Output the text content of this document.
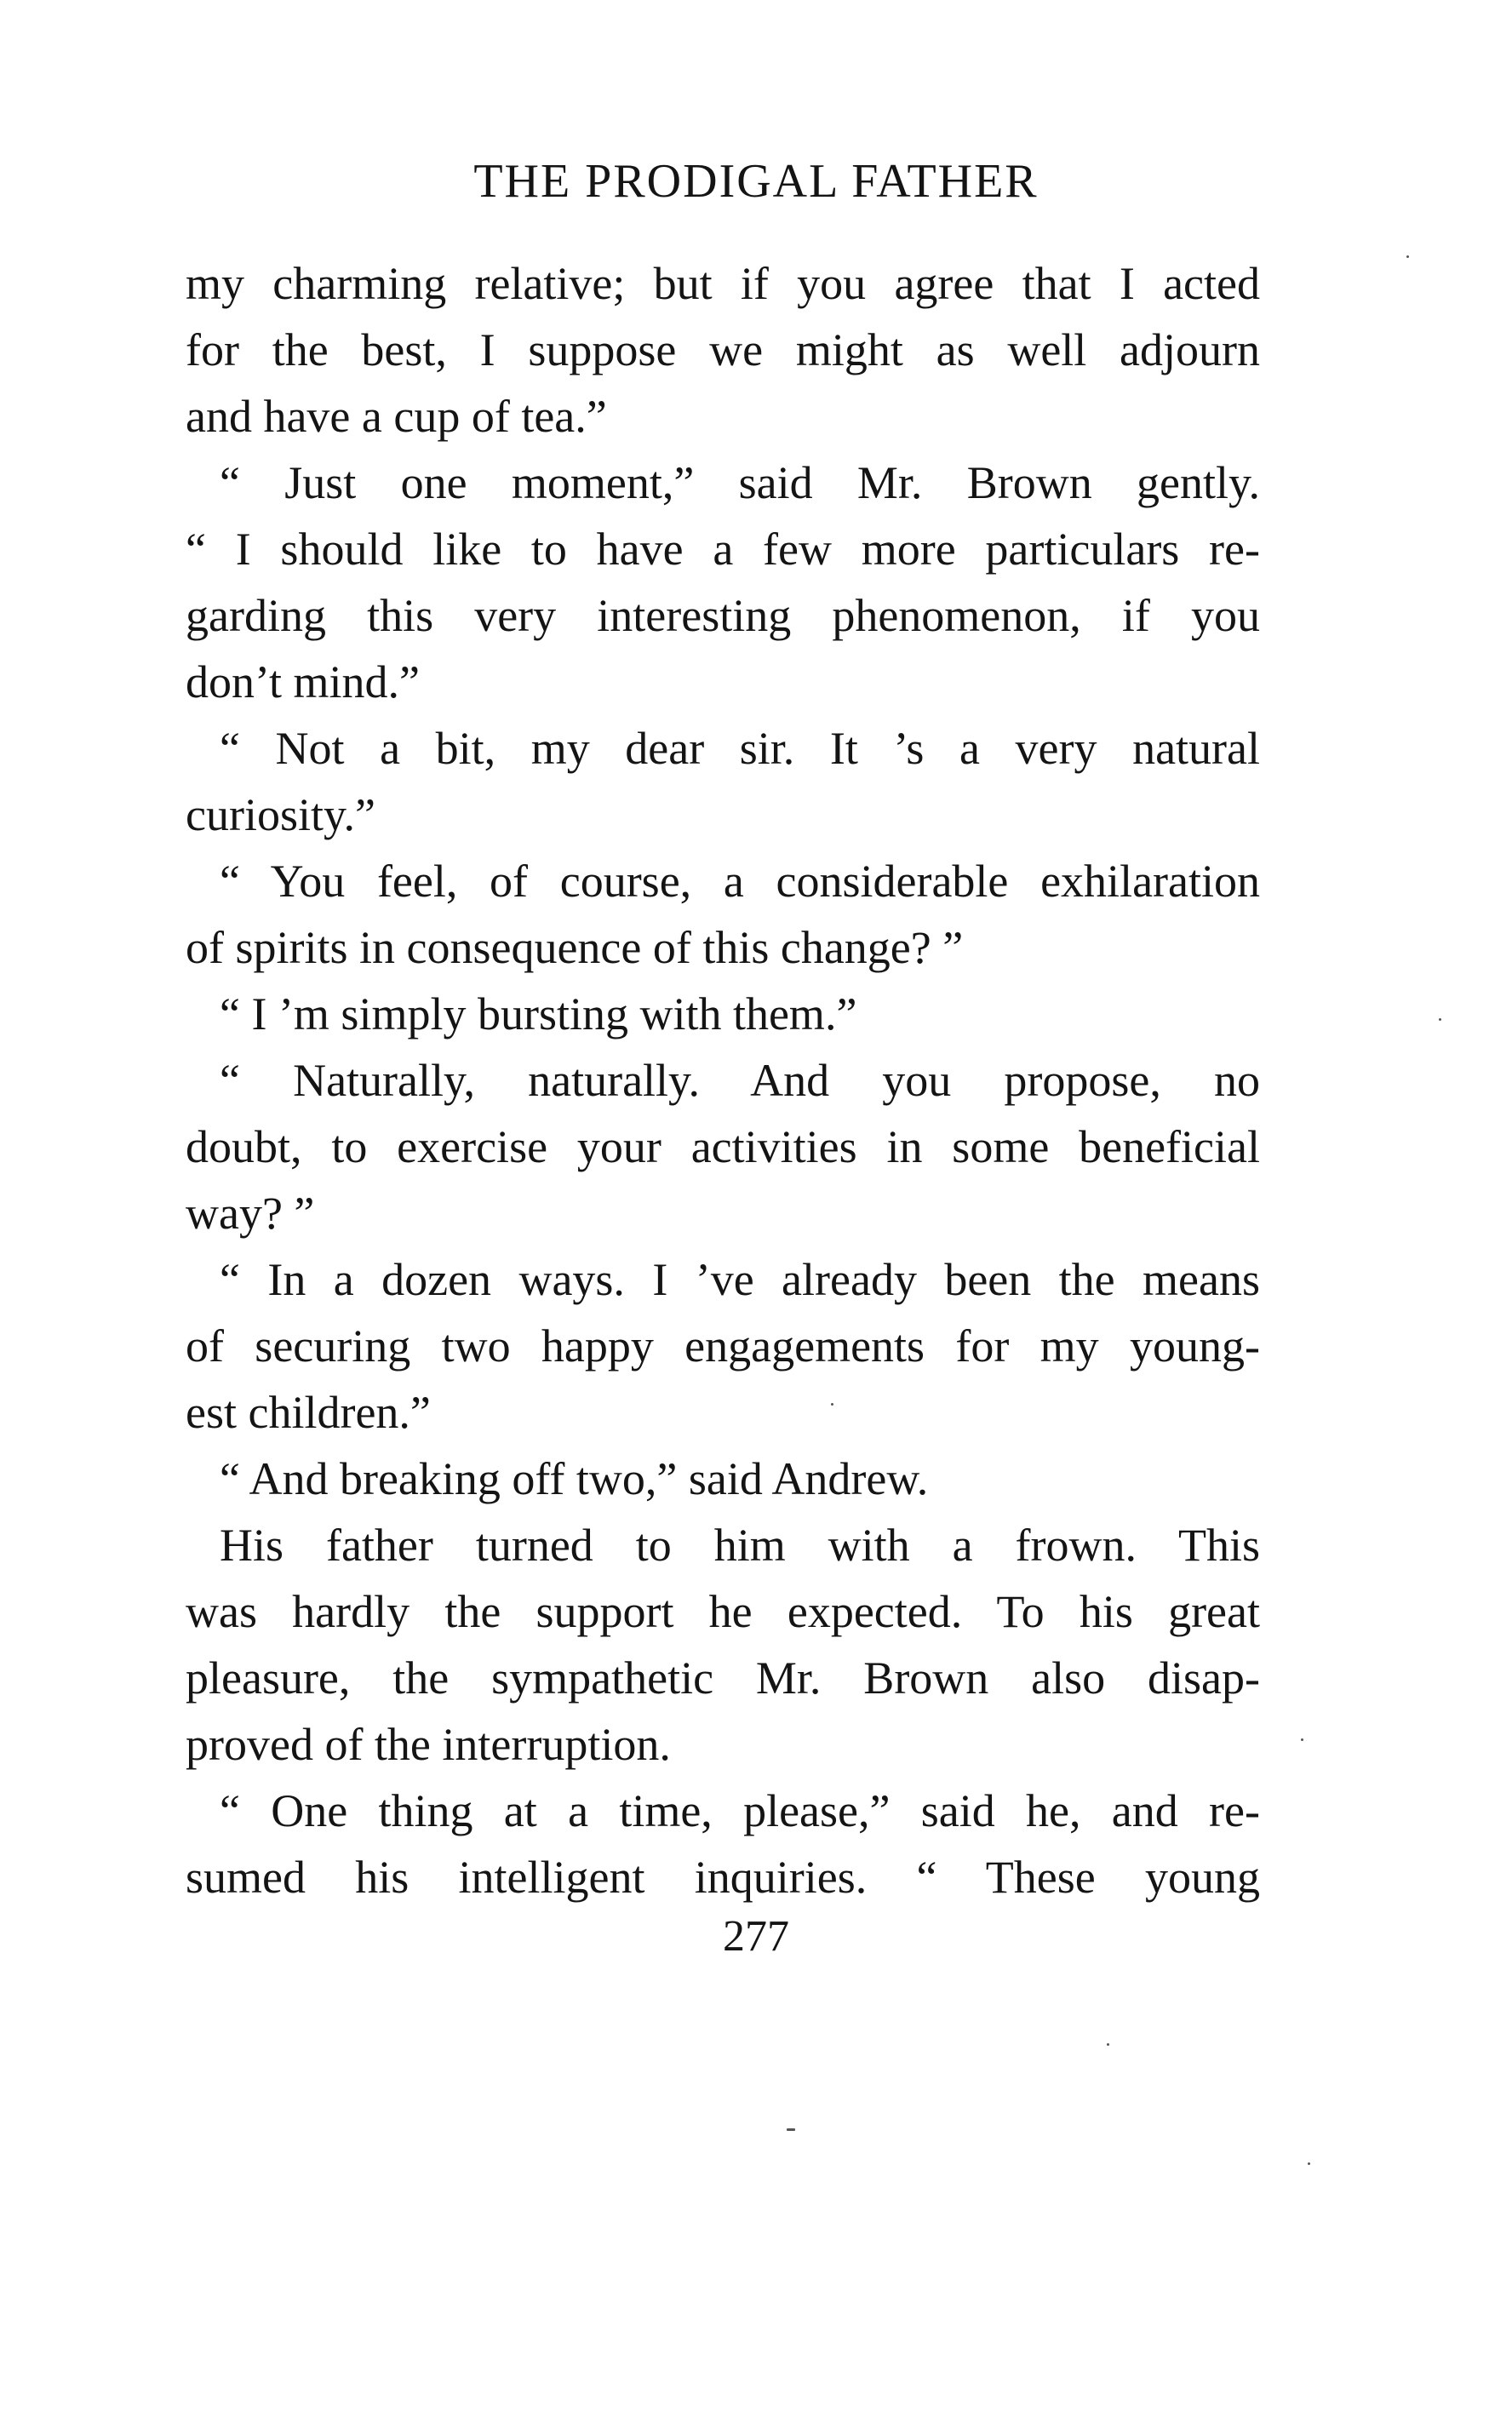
THE PRODIGAL FATHER
my charming relative; but if you agree that I acted
for the best, I suppose we might as well adjourn
and have a cup of tea.”
“ Just one moment,” said Mr. Brown gently.
“ I should like to have a few more particulars re-
garding this very interesting phenomenon, if you
don’t mind.”
“ Not a bit, my dear sir. It ’s a very natural
curiosity.”
“ You feel, of course, a considerable exhilaration
of spirits in consequence of this change? ”
“ I ’m simply bursting with them.”
“ Naturally, naturally. And you propose, no
doubt, to exercise your activities in some beneficial
way? ”
“ In a dozen ways. I ’ve already been the means
of securing two happy engagements for my young-
est children.”
“ And breaking off two,” said Andrew.
His father turned to him with a frown. This
was hardly the support he expected. To his great
pleasure, the sympathetic Mr. Brown also disap-
proved of the interruption.
“ One thing at a time, please,” said he, and re-
sumed his intelligent inquiries. “ These young
277
